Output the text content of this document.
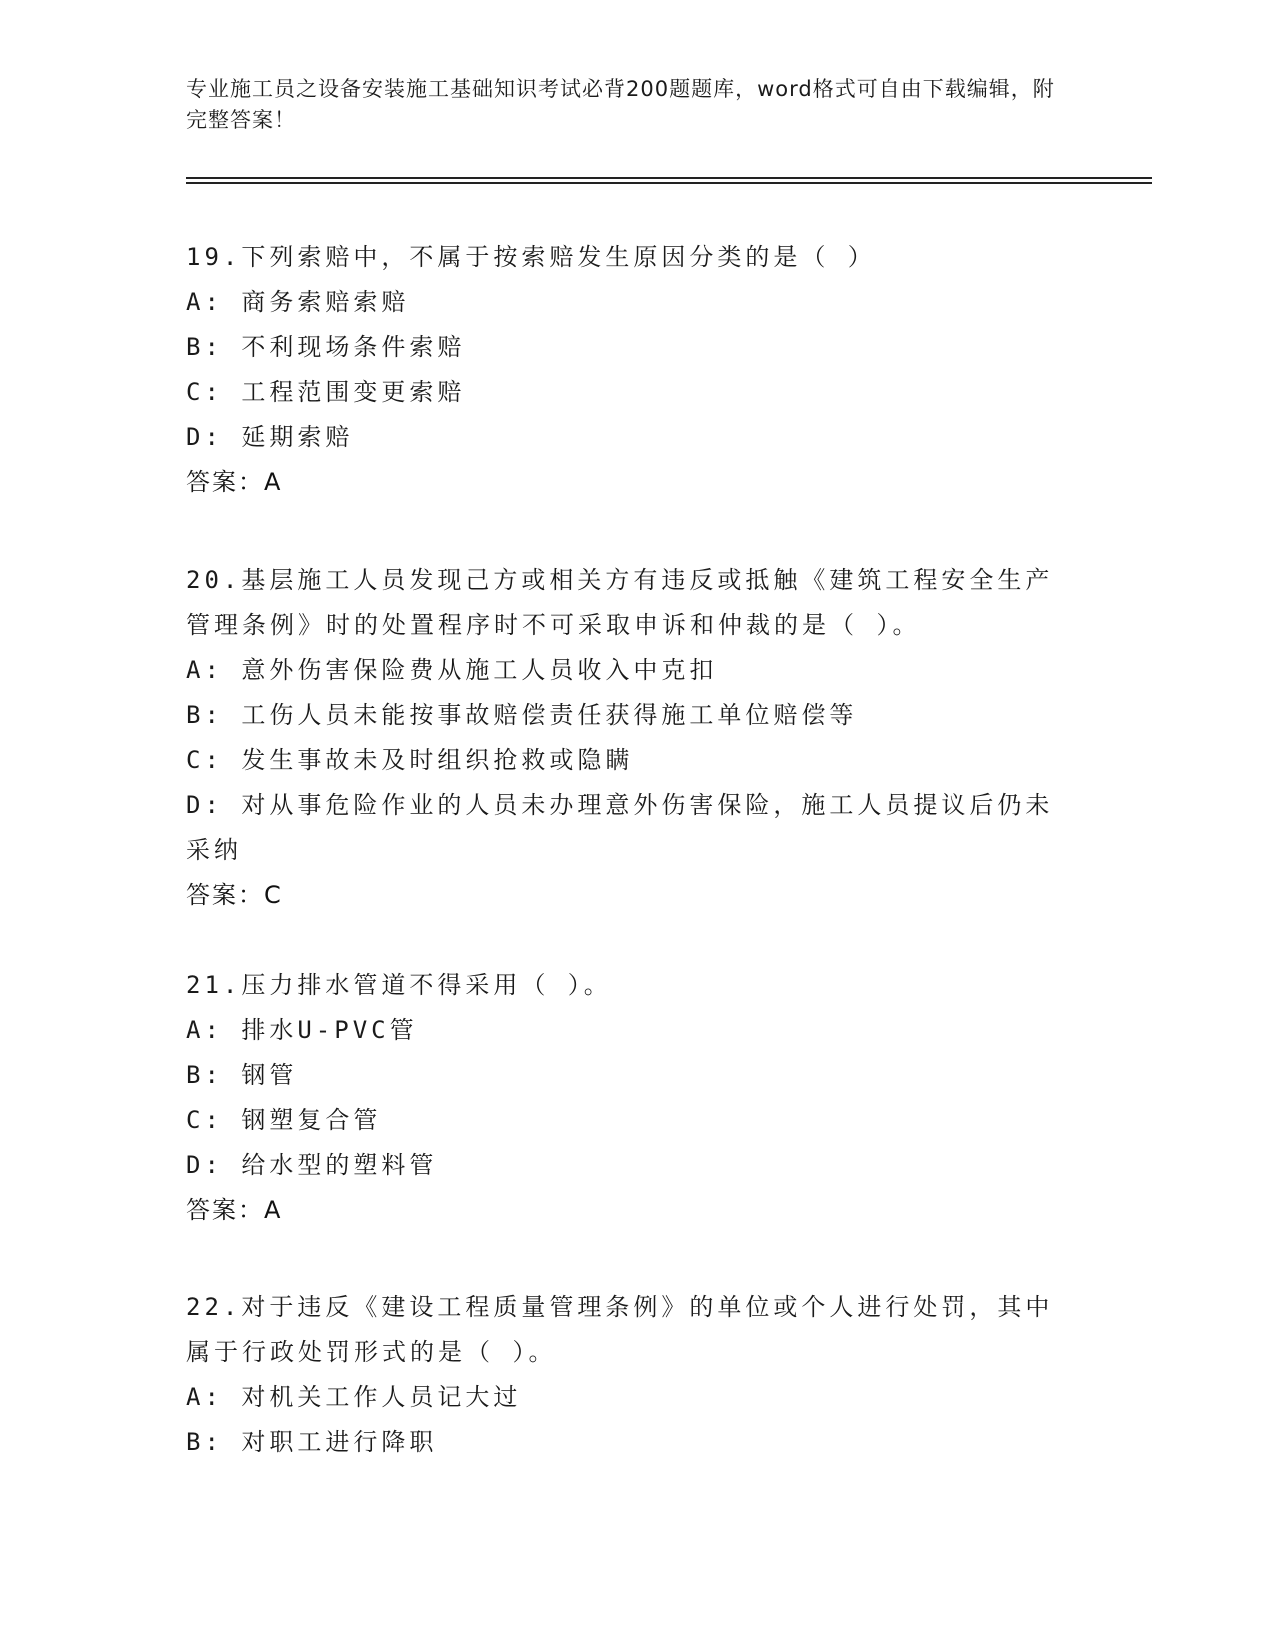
专业施工员之设备安装施工基础知识考试必背200题题库，word格式可自由下载编辑，附完整答案！

19.下列索赔中，不属于按索赔发生原因分类的是（ ）

A: 商务索赔索赔

B: 不利现场条件索赔

C: 工程范围变更索赔

D: 延期索赔

答案：A

20.基层施工人员发现己方或相关方有违反或抵触《建筑工程安全生产管理条例》时的处置程序时不可采取申诉和仲裁的是（ ）。

A: 意外伤害保险费从施工人员收入中克扣

B: 工伤人员未能按事故赔偿责任获得施工单位赔偿等

C: 发生事故未及时组织抢救或隐瞒

D: 对从事危险作业的人员未办理意外伤害保险，施工人员提议后仍未采纳

答案：C

21.压力排水管道不得采用（ ）。

A: 排水U-PVC管

B: 钢管

C: 钢塑复合管

D: 给水型的塑料管

答案：A

22.对于违反《建设工程质量管理条例》的单位或个人进行处罚，其中属于行政处罚形式的是（ ）。

A: 对机关工作人员记大过

B: 对职工进行降职
